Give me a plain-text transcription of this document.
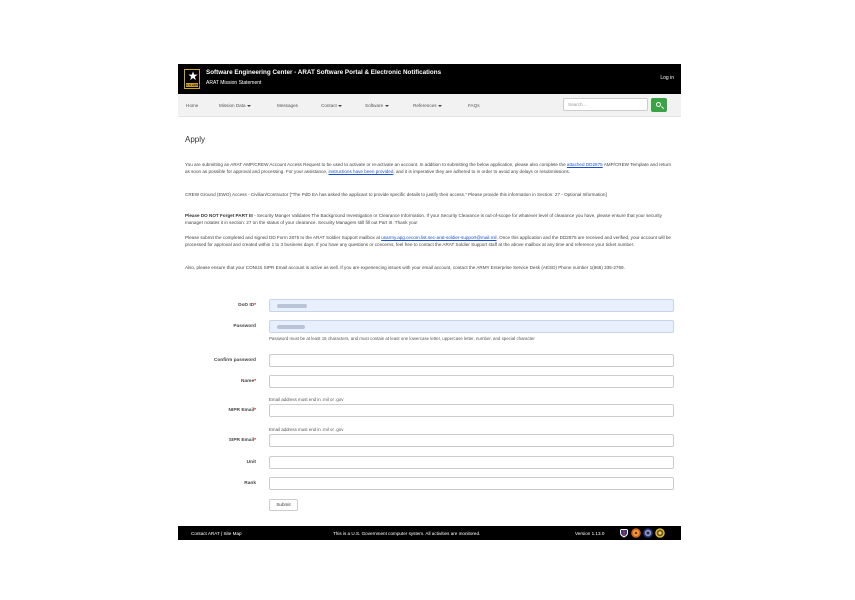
★
U.S.ARMY
Software Engineering Center - ARAT Software Portal & Electronic Notifications
ARAT Mission Statement
Log in
Home	Mission Data	Messages	Contact	Software	References	FAQs	Search...
Apply
You are submitting an ARAT AMP/CREW Account Access Request to be used to activate or re-activate an account. In addition to submitting the below application, please also complete the attached DD2875 AMP/CREW Template and return as soon as possible for approval and processing. For your assistance, instructions have been provided, and it is imperative they are adhered to in order to avoid any delays or resubmissions.
CREW Ground (EWO) Access - Civilian/Contractor ["The PdD EA has asked the applicant to provide specific details to justify their access." Please provide this information in Section: 27 - Optional Information]
Please DO NOT Forget PART III - Security Manger Validates The Background Investigation or Clearance Information. If your Security Clearance is out-of-scope for whatever level of clearance you have, please ensure that your security manager notates it in section: 27 on the status of your clearance. Security Managers still fill out Part III. Thank you!
Please submit the completed and signed DD Form 2875 to the ARAT Soldier Support mailbox at usarmy.apg.cecom.list.sec-arat-soldier-support@mail.mil. Once this application and the DD2875 are received and verified, your account will be processed for approval and created within 1 to 3 business days. If you have any questions or concerns, feel free to contact the ARAT Soldier Support staff at the above mailbox at any time and reference your ticket number.
Also, please ensure that your CONUS SIPR Email account is active as well. If you are experiencing issues with your email account, contact the ARMY Enterprise Service Desk (AESD) Phone number 1(866) 335-2769.
DoD ID*
Password
Password must be at least 15 characters, and must contain at least one lowercase letter, uppercase letter, number, and special character
Confirm password
Name*
Email address must end in .mil or .gov
NIPR Email*
Email address must end in .mil or .gov
SIPR Email*
Unit
Rank
Submit
Contact ARAT | Site Map	This is a U.S. Government computer system. All activities are monitored.	Version 1.13.0
